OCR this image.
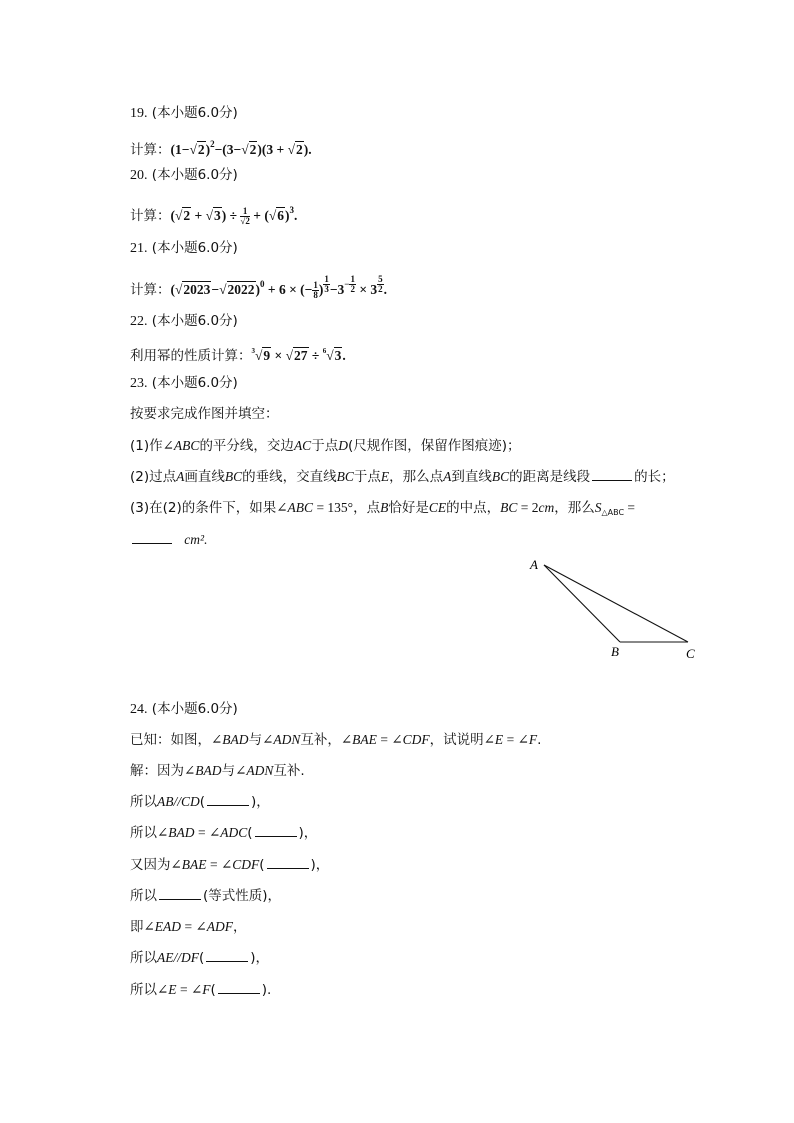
19. (本小题6.0分)
计算：$(1-√2)^2-(3-√2)(3 + √2)$.
20. (本小题6.0分)
计算：$(√2 + √3) \div \frac{1}{√2} + (√6)^3$.
21. (本小题6.0分)
计算：$(√2023-√2022)^0 + 6$ × (− $\frac{1}{8}$ ) $^{\frac{1}{3}} -3^{- \frac{1}{2}} \times 3$ $^{\frac{5}{2}}$ .
22. (本小题6.0分)
利用幂的性质计算：$^3$√9 × √27 ÷ $^6$√3.
23. (本小题6.0分)
按要求完成作图并填空：
(1)作∠ABC的平分线，交边AC于点D(尺规作图，保留作图痕迹)；
(2)过点A画直线BC的垂线，交直线BC于点E，那么点A到直线BC的距离是线段	的长；
(3)在(2)的条件下，如果∠ABC = 135°，点B恰好是CE的中点，BC = 2cm，那么$S_{\triangle ABC}$ =
cm².
A
B	C
24. (本小题6.0分)
已知：如图，∠BAD与∠ADN互补，∠BAE = ∠CDF，试说明∠E = ∠F.
解：因为∠BAD与∠ADN互补.
所以AB//CD(	)，
所以∠BAD = ∠ADC(	)，
又因为∠BAE = ∠CDF(	)，
所以	(等式性质)，
即∠EAD = ∠ADF，
所以AE//DF(	)，
所以∠E = ∠F(	).
